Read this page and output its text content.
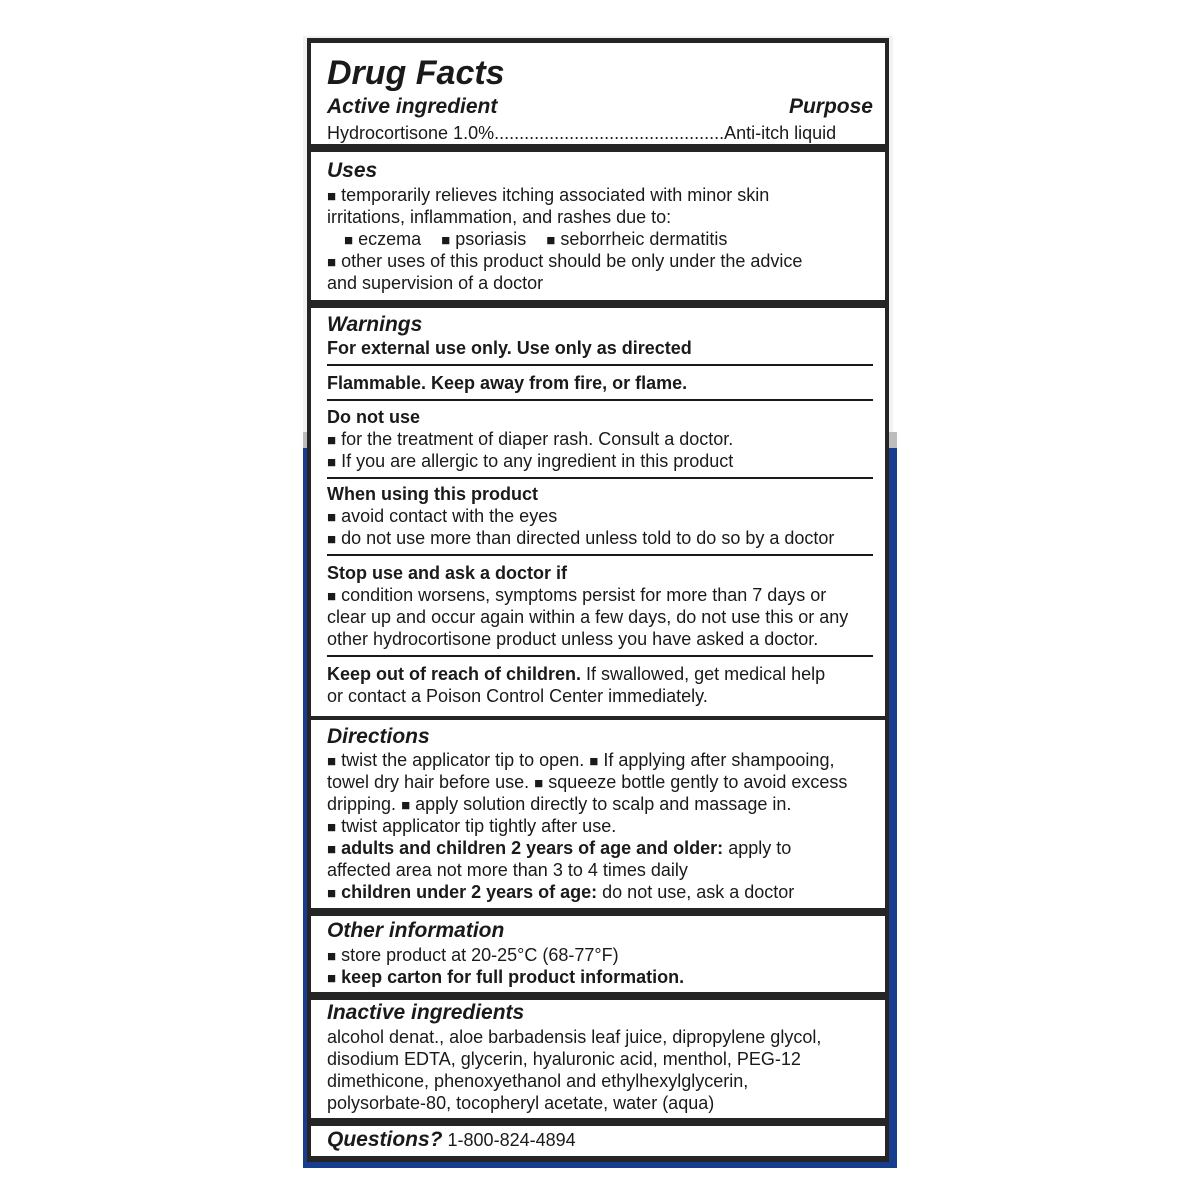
Drug Facts
Active ingredient	Purpose
Hydrocortisone 1.0%..............................................Anti-itch liquid
Uses
■ temporarily relieves itching associated with minor skin
irritations, inflammation, and rashes due to:
■ eczema ■ psoriasis ■ seborrheic dermatitis
■ other uses of this product should be only under the advice
and supervision of a doctor
Warnings
For external use only. Use only as directed
Flammable. Keep away from fire, or flame.
Do not use
■ for the treatment of diaper rash. Consult a doctor.
■ If you are allergic to any ingredient in this product
When using this product
■ avoid contact with the eyes
■ do not use more than directed unless told to do so by a doctor
Stop use and ask a doctor if
■ condition worsens, symptoms persist for more than 7 days or
clear up and occur again within a few days, do not use this or any
other hydrocortisone product unless you have asked a doctor.
Keep out of reach of children. If swallowed, get medical help
or contact a Poison Control Center immediately.
Directions
■ twist the applicator tip to open. ■ If applying after shampooing,
towel dry hair before use. ■ squeeze bottle gently to avoid excess
dripping. ■ apply solution directly to scalp and massage in.
■ twist applicator tip tightly after use.
■ adults and children 2 years of age and older: apply to
affected area not more than 3 to 4 times daily
■ children under 2 years of age: do not use, ask a doctor
Other information
■ store product at 20-25°C (68-77°F)
■ keep carton for full product information.
Inactive ingredients
alcohol denat., aloe barbadensis leaf juice, dipropylene glycol,
disodium EDTA, glycerin, hyaluronic acid, menthol, PEG-12
dimethicone, phenoxyethanol and ethylhexylglycerin,
polysorbate-80, tocopheryl acetate, water (aqua)
Questions? 1-800-824-4894
